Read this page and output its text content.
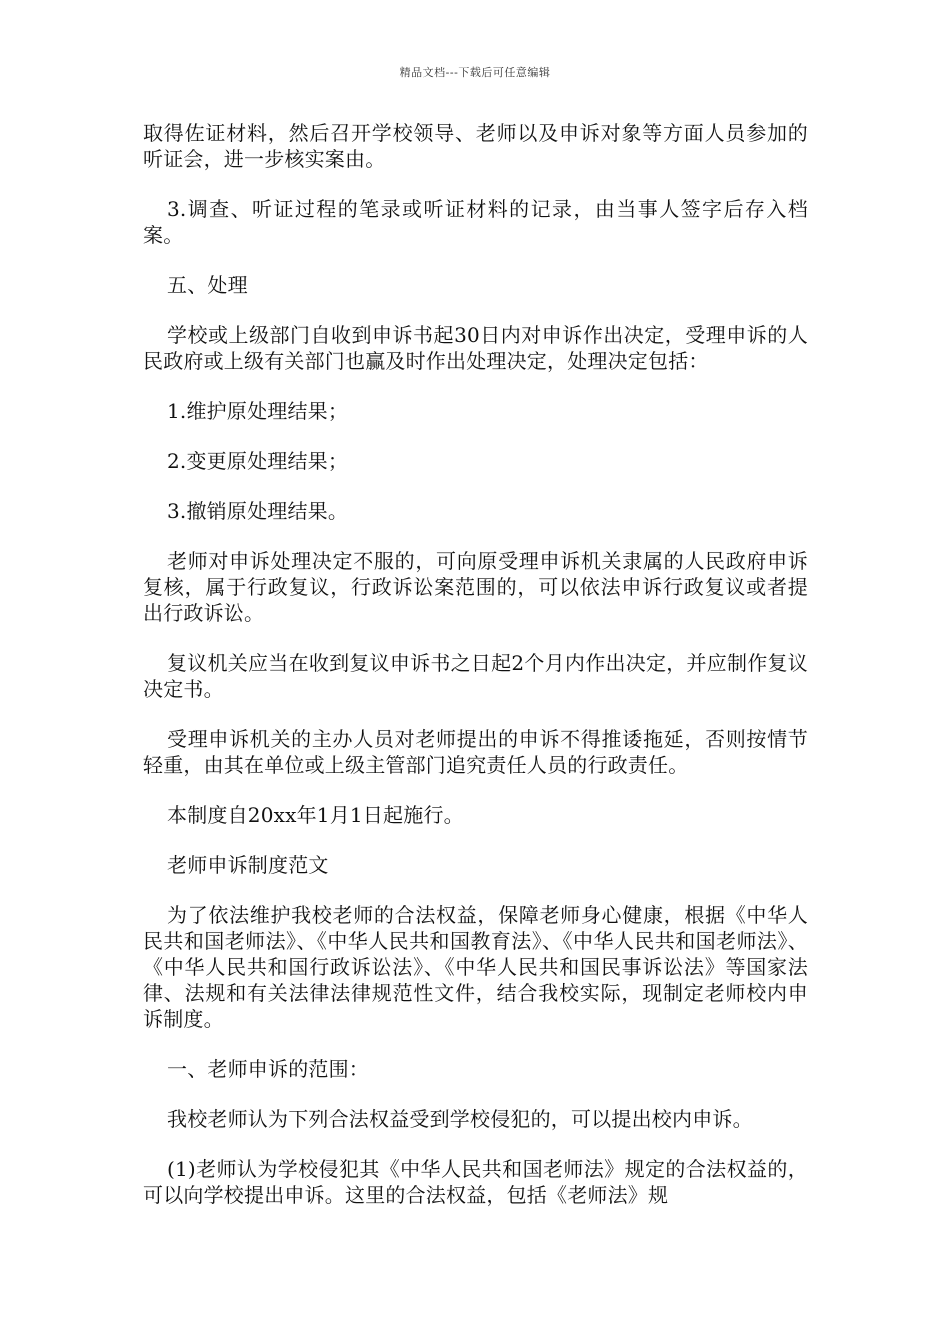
精品文档---下载后可任意编辑

取得佐证材料，然后召开学校领导、老师以及申诉对象等方面人员参加的听证会，进一步核实案由。

3.调查、听证过程的笔录或听证材料的记录，由当事人签字后存入档案。

五、处理

学校或上级部门自收到申诉书起30日内对申诉作出决定，受理申诉的人民政府或上级有关部门也赢及时作出处理决定，处理决定包括：

1.维护原处理结果；

2.变更原处理结果；

3.撤销原处理结果。

老师对申诉处理决定不服的，可向原受理申诉机关隶属的人民政府申诉复核，属于行政复议，行政诉讼案范围的，可以依法申诉行政复议或者提出行政诉讼。

复议机关应当在收到复议申诉书之日起2个月内作出决定，并应制作复议决定书。

受理申诉机关的主办人员对老师提出的申诉不得推诿拖延，否则按情节轻重，由其在单位或上级主管部门追究责任人员的行政责任。

本制度自20xx年1月1日起施行。

老师申诉制度范文

为了依法维护我校老师的合法权益，保障老师身心健康，根据《中华人民共和国老师法》、《中华人民共和国教育法》、《中华人民共和国老师法》、《中华人民共和国行政诉讼法》、《中华人民共和国民事诉讼法》等国家法律、法规和有关法律法律规范性文件，结合我校实际，现制定老师校内申诉制度。

一、老师申诉的范围：

我校老师认为下列合法权益受到学校侵犯的，可以提出校内申诉。

(1)老师认为学校侵犯其《中华人民共和国老师法》规定的合法权益的，可以向学校提出申诉。这里的合法权益，包括《老师法》规
